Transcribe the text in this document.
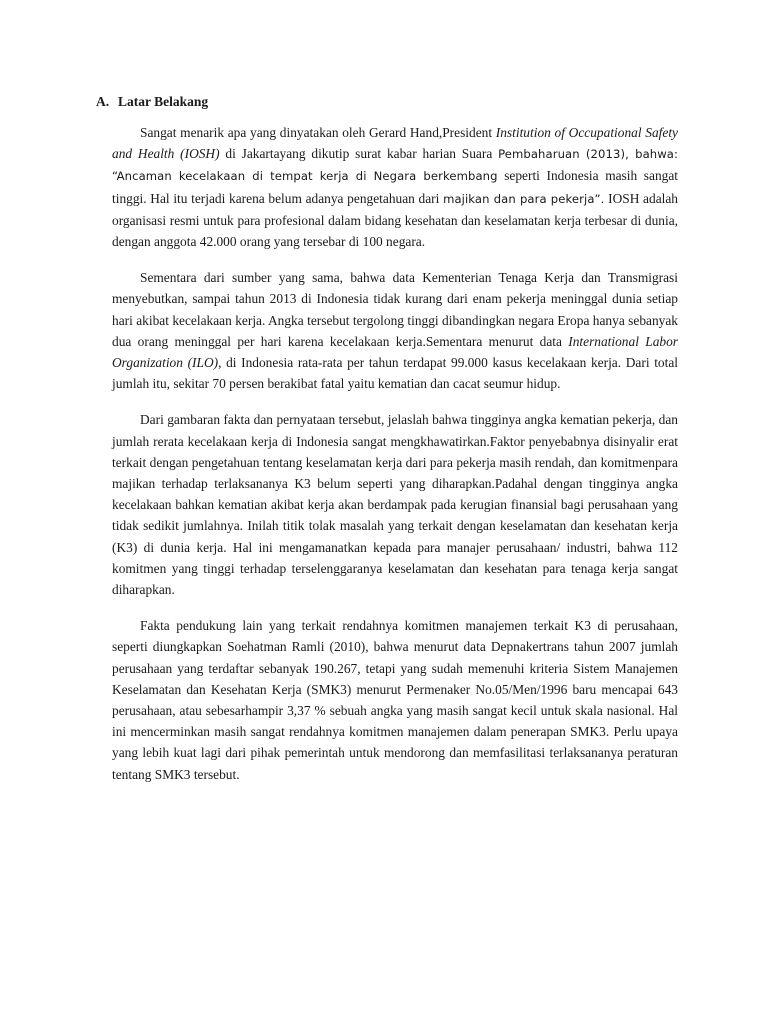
A. Latar Belakang

Sangat menarik apa yang dinyatakan oleh Gerard Hand,President Institution of Occupational Safety and Health (IOSH) di Jakartayang dikutip surat kabar harian Suara Pembaharuan (2013), bahwa: “Ancaman kecelakaan di tempat kerja di Negara berkembang seperti Indonesia masih sangat tinggi. Hal itu terjadi karena belum adanya pengetahuan dari majikan dan para pekerja”. IOSH adalah organisasi resmi untuk para profesional dalam bidang kesehatan dan keselamatan kerja terbesar di dunia, dengan anggota 42.000 orang yang tersebar di 100 negara.

Sementara dari sumber yang sama, bahwa data Kementerian Tenaga Kerja dan Transmigrasi menyebutkan, sampai tahun 2013 di Indonesia tidak kurang dari enam pekerja meninggal dunia setiap hari akibat kecelakaan kerja. Angka tersebut tergolong tinggi dibandingkan negara Eropa hanya sebanyak dua orang meninggal per hari karena kecelakaan kerja.Sementara menurut data International Labor Organization (ILO), di Indonesia rata-rata per tahun terdapat 99.000 kasus kecelakaan kerja. Dari total jumlah itu, sekitar 70 persen berakibat fatal yaitu kematian dan cacat seumur hidup.

Dari gambaran fakta dan pernyataan tersebut, jelaslah bahwa tingginya angka kematian pekerja, dan jumlah rerata kecelakaan kerja di Indonesia sangat mengkhawatirkan.Faktor penyebabnya disinyalir erat terkait dengan pengetahuan tentang keselamatan kerja dari para pekerja masih rendah, dan komitmenpara majikan terhadap terlaksananya K3 belum seperti yang diharapkan.Padahal dengan tingginya angka kecelakaan bahkan kematian akibat kerja akan berdampak pada kerugian finansial bagi perusahaan yang tidak sedikit jumlahnya. Inilah titik tolak masalah yang terkait dengan keselamatan dan kesehatan kerja (K3) di dunia kerja. Hal ini mengamanatkan kepada para manajer perusahaan/ industri, bahwa 112 komitmen yang tinggi terhadap terselenggaranya keselamatan dan kesehatan para tenaga kerja sangat diharapkan.

Fakta pendukung lain yang terkait rendahnya komitmen manajemen terkait K3 di perusahaan, seperti diungkapkan Soehatman Ramli (2010), bahwa menurut data Depnakertrans tahun 2007 jumlah perusahaan yang terdaftar sebanyak 190.267, tetapi yang sudah memenuhi kriteria Sistem Manajemen Keselamatan dan Kesehatan Kerja (SMK3) menurut Permenaker No.05/Men/1996 baru mencapai 643 perusahaan, atau sebesarhampir 3,37 % sebuah angka yang masih sangat kecil untuk skala nasional. Hal ini mencerminkan masih sangat rendahnya komitmen manajemen dalam penerapan SMK3. Perlu upaya yang lebih kuat lagi dari pihak pemerintah untuk mendorong dan memfasilitasi terlaksananya peraturan tentang SMK3 tersebut.
